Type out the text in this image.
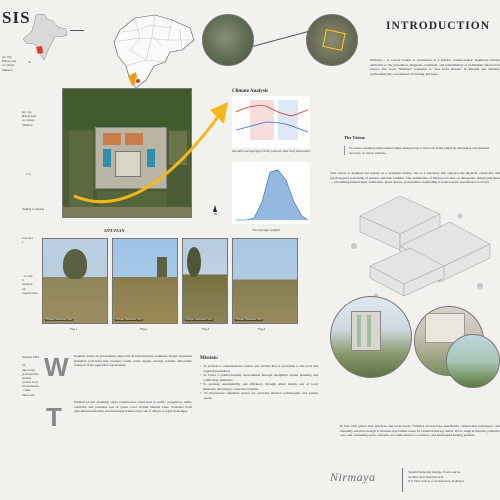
SIS
pur city,
Banda park
ce college
Muharaj
ds
pur city,
Banda park
ce college
Muharaj
1°C
making it suitable
road and
s
- 3.1 km
rt
required
ion
rogeneration
nspalars NH4

rci,
improving
professionals,
another
d boost local
ed businesses,
, retail,
llness and
N
SITE PLAN
Climate Analysis
The daily average high (red line) and low (blue line) temperature
The average rainfall
Kolhapur, Maharashtra, India	Kolhapur, Maharashtra, India	Kolhapur, Maharashtra, India	Kolhapur, Maharashtra, India
Fig.1	Fig.2	Fig.3	Fig.4
W Possible delays in government approvals & infrastructure readiness. Rapid expansion (hospital, tech hub) may pressure roads, water supply, sewage systems and public transport if not upgraded concurrently.
T	Without proper planning, rapid construction could lead to traffic congestion, utility overload, and potential loss of green cover around Shenda Lake. Transfers from agricultural university and municipal bodies carry risk of delays or legal challenges.
Mission:
• To provide a comprehensive cancer care facility that is accessible to the local and regional population.
• To foster a patient-friendly environment through thoughtful spatial planning and comforting aesthetics.
• To promote sustainability and efficiency through smart design, use of local materials, and energy-conscious systems.
• To incorporate adaptable spaces for evolving medical technologies and patient needs.
INTRODUCTION
Nirmaya – A Cancer Centre is envisioned as a holistic, patient-centric healthcare facility dedicated to the prevention, diagnosis, treatment, and rehabilitation of individuals affected by cancer. The word "Nirmaya" translates to "free from disease" in Marathi and Sanskrit, symbolizing the core mission of healing and hope.
The Vision:
To create a healing environment where design plays a vital role in the physical, emotional, and spiritual recovery of cancer patients.
This cancer is designed not merely as a treatment facility, but as a sanctuary that supports the physical, emotional, and psychological well-being of patients and their families. The architecture of Nirmaya focuses on therapeutic design principles— prioritizing natural light, ventilation, green spaces, and intuitive wayfinding to reduce stress and enhance recovery.
In line with global best practices and local needs, Nirmaya incorporates sustainable construction techniques, and culturally sensitive design. It includes specialized zones for radiation therapy suites, ICUs, surgical theatres, palliative care, and counseling areas, cafeteria, accommodation for relatives, and landscaped healing gardens.
Nirmaya	Sakshi Pandurang Ghadge, Exam seat no.
Architectural dissertation II
D Y Patil, School of Architecture, Kolhapur
